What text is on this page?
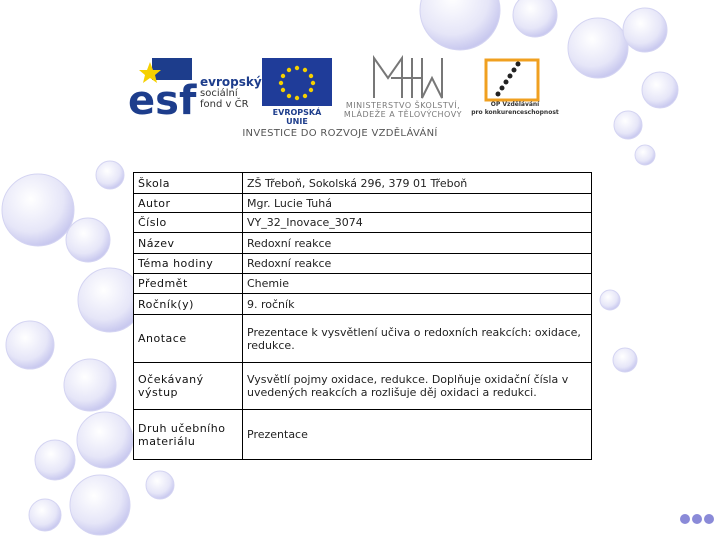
esf evropský
sociální
fond v ČR
EVROPSKÁ UNIE
MINISTERSTVO ŠKOLSTVÍ,
MLÁDEŽE A TĚLOVÝCHOVY
OP Vzdělávání
pro konkurenceschopnost
INVESTICE DO ROZVOJE VZDĚLÁVÁNÍ
Škola	ZŠ Třeboň, Sokolská 296, 379 01 Třeboň
Autor	Mgr. Lucie Tuhá
Číslo	VY_32_Inovace_3074
Název	Redoxní reakce
Téma hodiny	Redoxní reakce
Předmět	Chemie
Ročník(y)	9. ročník
Anotace	Prezentace k vysvětlení učiva o redoxních reakcích: oxidace, redukce.
Očekávaný výstup	Vysvětlí pojmy oxidace, redukce. Doplňuje oxidační čísla v uvedených reakcích a rozlišuje děj oxidaci a redukci.
Druh učebního materiálu	Prezentace
